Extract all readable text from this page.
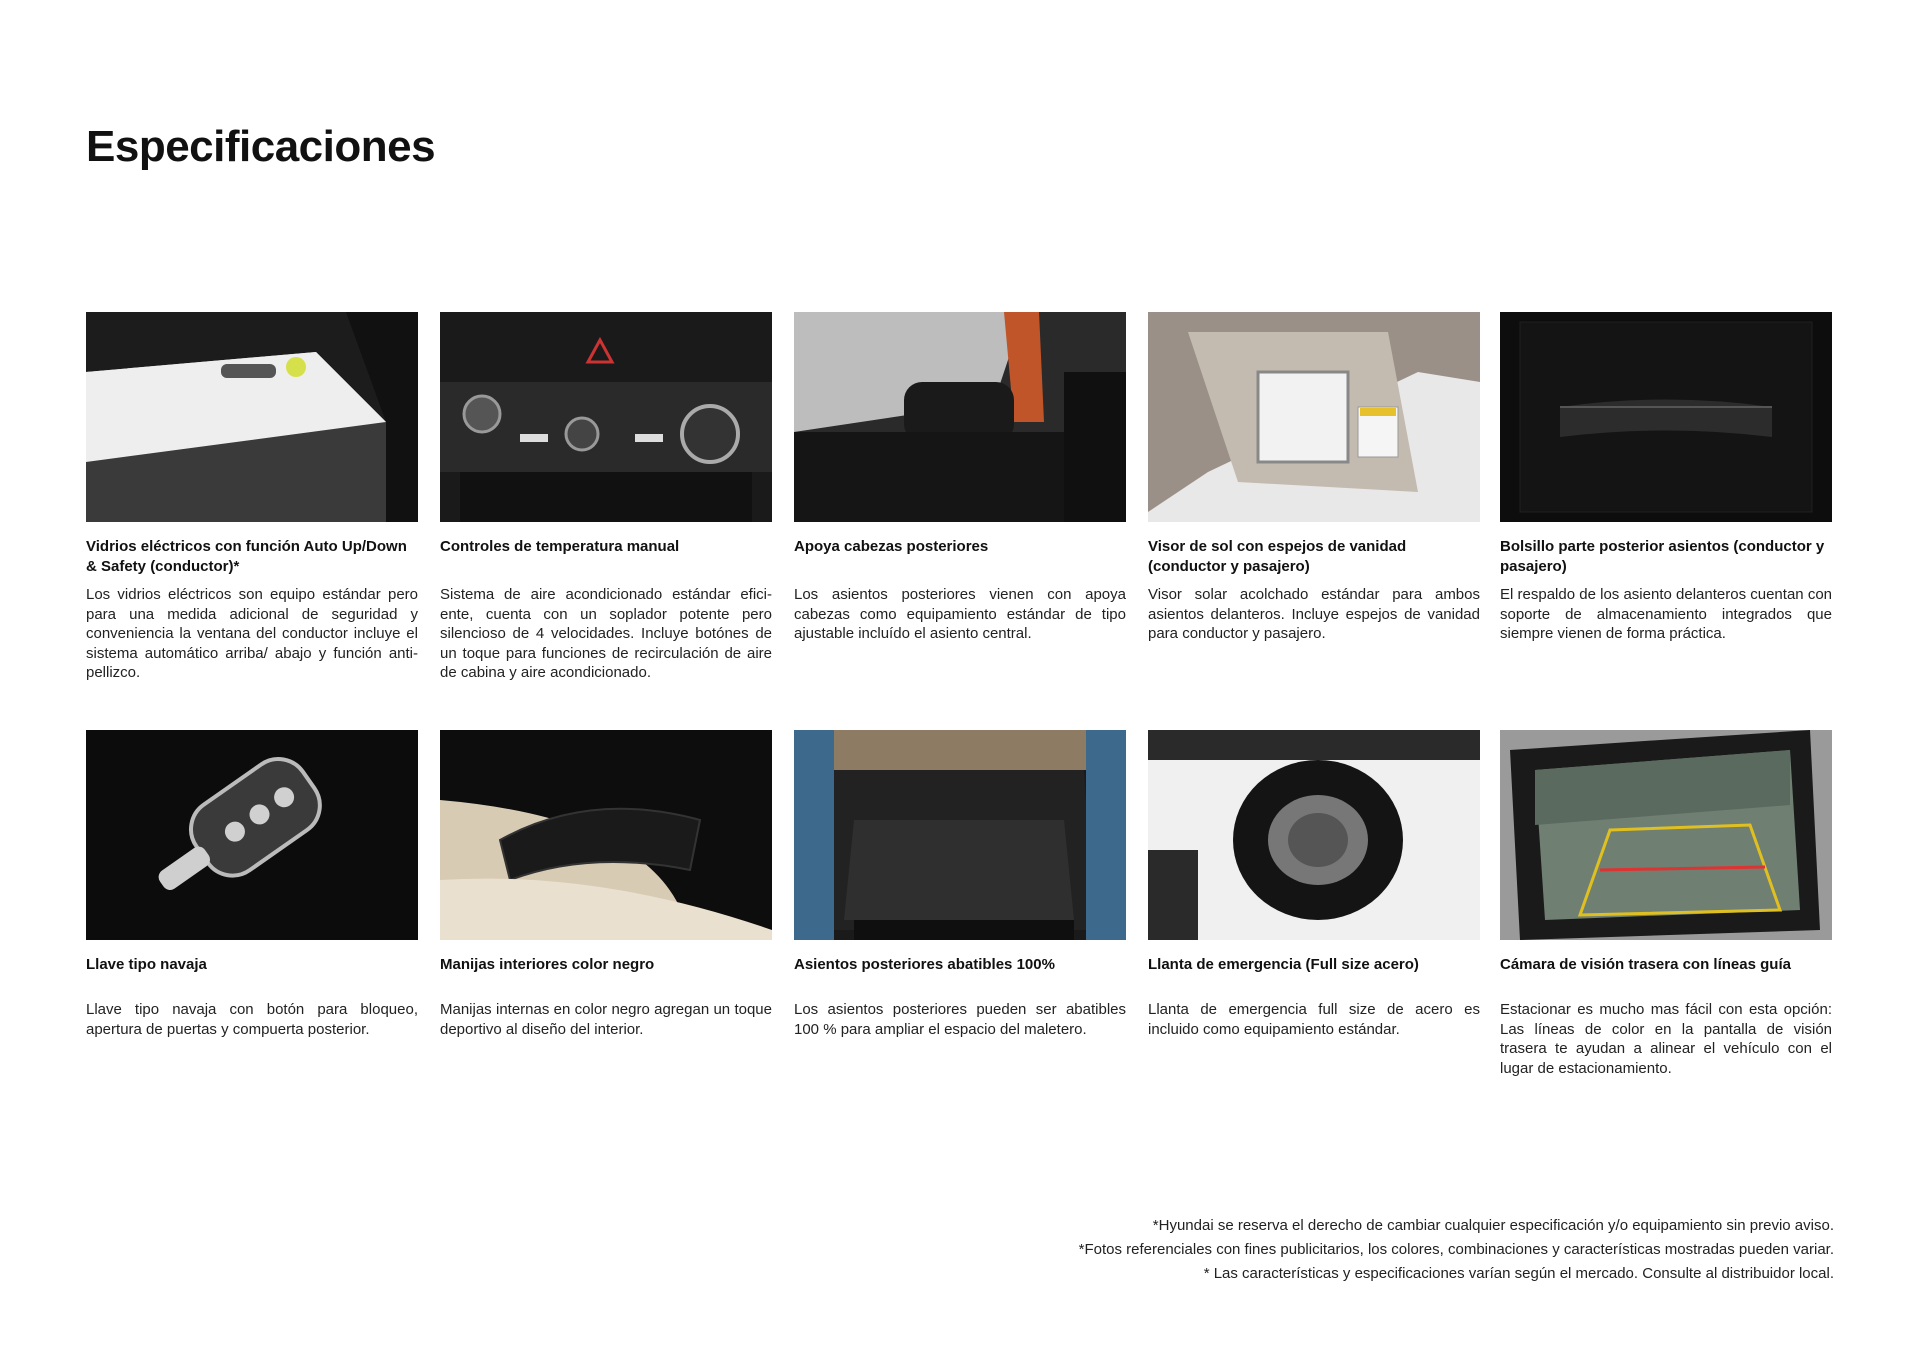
Especificaciones

Vidrios eléctricos con función Auto Up/Down & Safety (conductor)*

Los vidrios eléctricos son equipo estándar pero para una medida adicional de seguridad y conveniencia la ventana del conductor incluye el sistema automático arriba/ abajo y función anti-pellizco.

Controles de temperatura manual

Sistema de aire acondicionado estándar efici-ente, cuenta con un soplador potente pero silencioso de 4 velocidades. Incluye botónes de un toque para funciones de recirculación de aire de cabina y aire acondicionado.

Apoya cabezas posteriores

Los asientos posteriores vienen con apoya cabezas como equipamiento estándar de tipo ajustable incluído el asiento central.

Visor de sol con espejos de vanidad (conductor y pasajero)

Visor solar acolchado estándar para ambos asientos delanteros. Incluye espejos de vanidad para conductor y pasajero.

Bolsillo parte posterior asientos (conductor y pasajero)

El respaldo de los asiento delanteros cuentan con soporte de almacenamiento integrados que siempre vienen de forma práctica.

Llave tipo navaja

Llave tipo navaja con botón para bloqueo, apertura de puertas y compuerta posterior.

Manijas interiores color negro

Manijas internas en color negro agregan un toque deportivo al diseño del interior.

Asientos posteriores abatibles 100%

Los asientos posteriores pueden ser abatibles 100 % para ampliar el espacio del maletero.

Llanta de emergencia (Full size acero)

Llanta de emergencia full size de acero es incluido como equipamiento estándar.

Cámara de visión trasera con líneas guía

Estacionar es mucho mas fácil con esta opción: Las líneas de color en la pantalla de visión trasera te ayudan a alinear el vehículo con el lugar de estacionamiento.

*Hyundai se reserva el derecho de cambiar cualquier especificación y/o equipamiento sin previo aviso.

*Fotos referenciales con fines publicitarios, los colores, combinaciones y características mostradas pueden variar.

* Las características y especificaciones varían según el mercado. Consulte al distribuidor local.
